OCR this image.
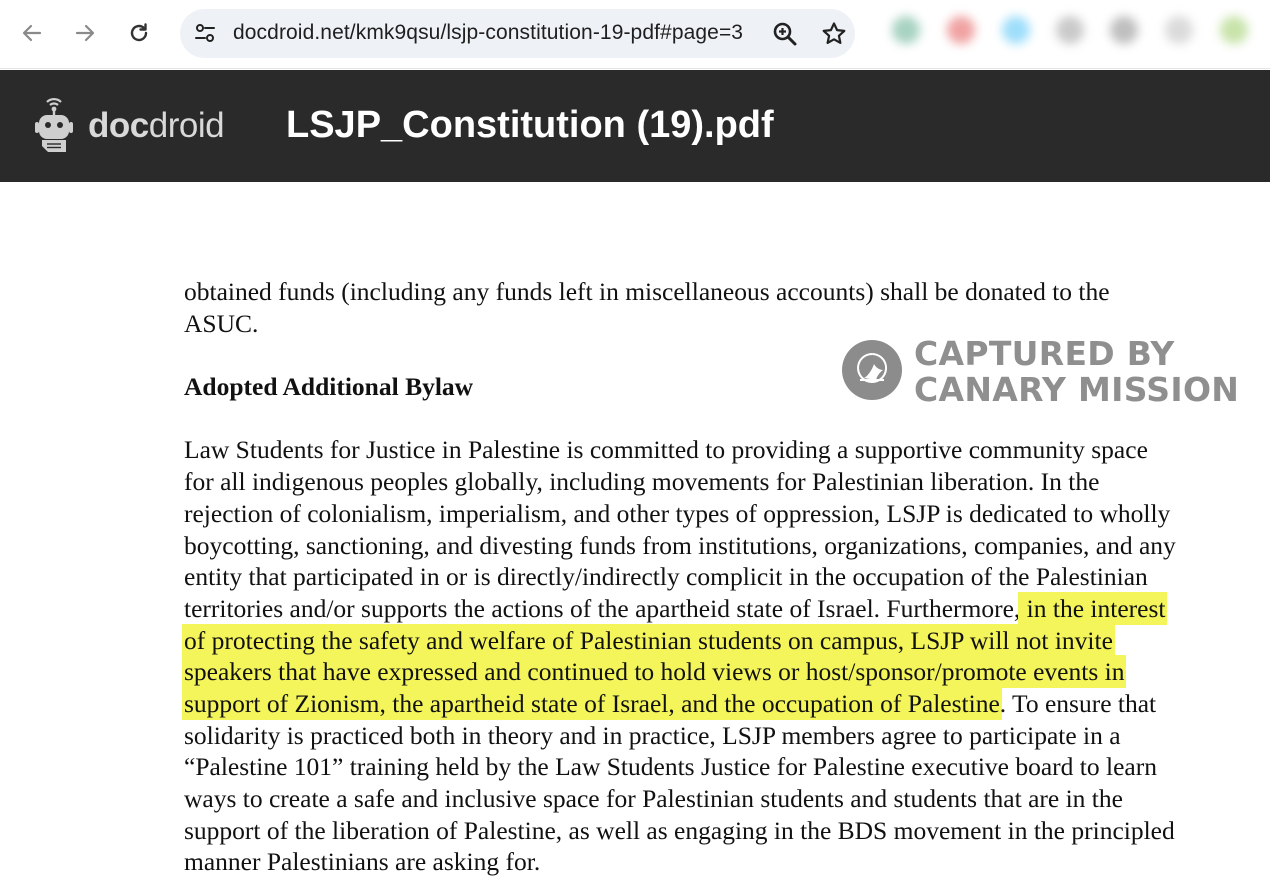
docdroid.net/kmk9qsu/lsjp-constitution-19-pdf#page=3
docdroid LSJP_Constitution (19).pdf
obtained funds (including any funds left in miscellaneous accounts) shall be donated to the
ASUC.
Adopted Additional Bylaw
Law Students for Justice in Palestine is committed to providing a supportive community space
for all indigenous peoples globally, including movements for Palestinian liberation. In the
rejection of colonialism, imperialism, and other types of oppression, LSJP is dedicated to wholly
boycotting, sanctioning, and divesting funds from institutions, organizations, companies, and any
entity that participated in or is directly/indirectly complicit in the occupation of the Palestinian
territories and/or supports the actions of the apartheid state of Israel. Furthermore, in the interest
of protecting the safety and welfare of Palestinian students on campus, LSJP will not invite
speakers that have expressed and continued to hold views or host/sponsor/promote events in
support of Zionism, the apartheid state of Israel, and the occupation of Palestine. To ensure that
solidarity is practiced both in theory and in practice, LSJP members agree to participate in a
“Palestine 101” training held by the Law Students Justice for Palestine executive board to learn
ways to create a safe and inclusive space for Palestinian students and students that are in the
support of the liberation of Palestine, as well as engaging in the BDS movement in the principled
manner Palestinians are asking for.
CAPTURED BY
CANARY MISSION
